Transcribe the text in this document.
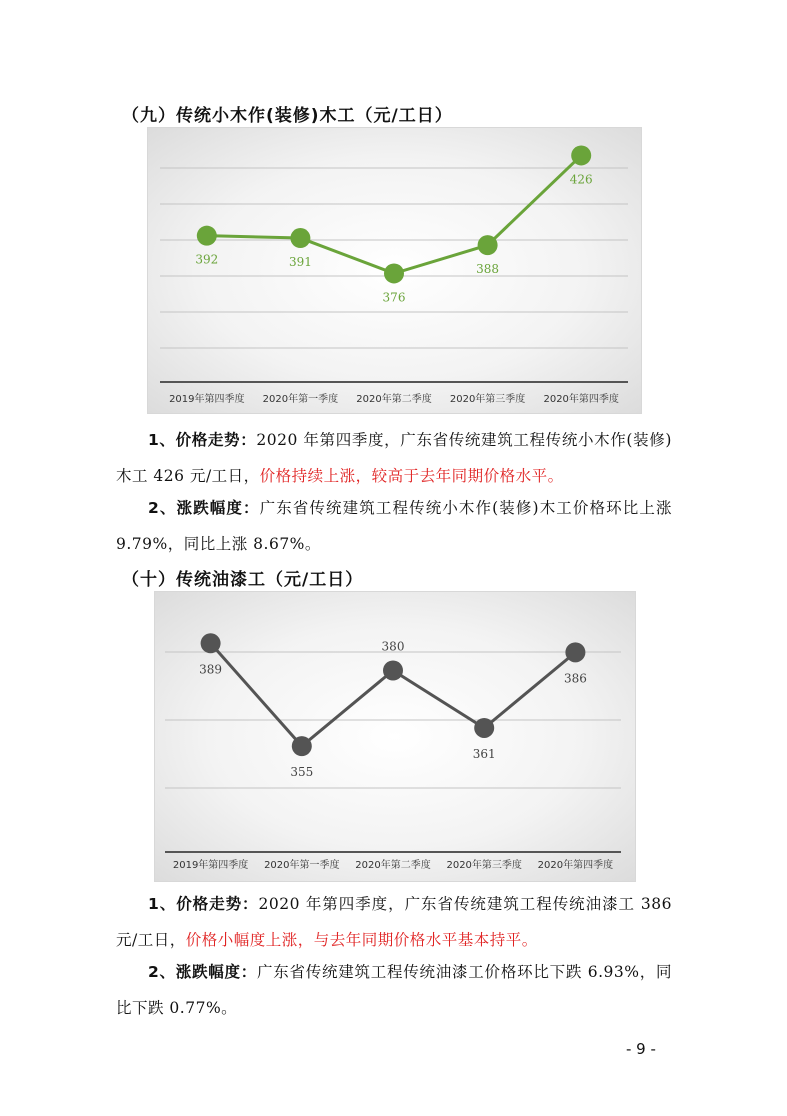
（九）传统小木作(装修)木工（元/工日）
392
2019年第四季度
391
2020年第一季度
376
2020年第二季度
388
2020年第三季度
426
2020年第四季度
1、价格走势：2020 年第四季度，广东省传统建筑工程传统小木作(装修)木工 426 元/工日，价格持续上涨，较高于去年同期价格水平。
2、涨跌幅度：广东省传统建筑工程传统小木作(装修)木工价格环比上涨 9.79%，同比上涨 8.67%。
（十）传统油漆工（元/工日）
389
2019年第四季度
355
2020年第一季度
380
2020年第二季度
361
2020年第三季度
386
2020年第四季度
1、价格走势：2020 年第四季度，广东省传统建筑工程传统油漆工 386 元/工日，价格小幅度上涨，与去年同期价格水平基本持平。
2、涨跌幅度：广东省传统建筑工程传统油漆工价格环比下跌 6.93%，同比下跌 0.77%。
- 9 -
